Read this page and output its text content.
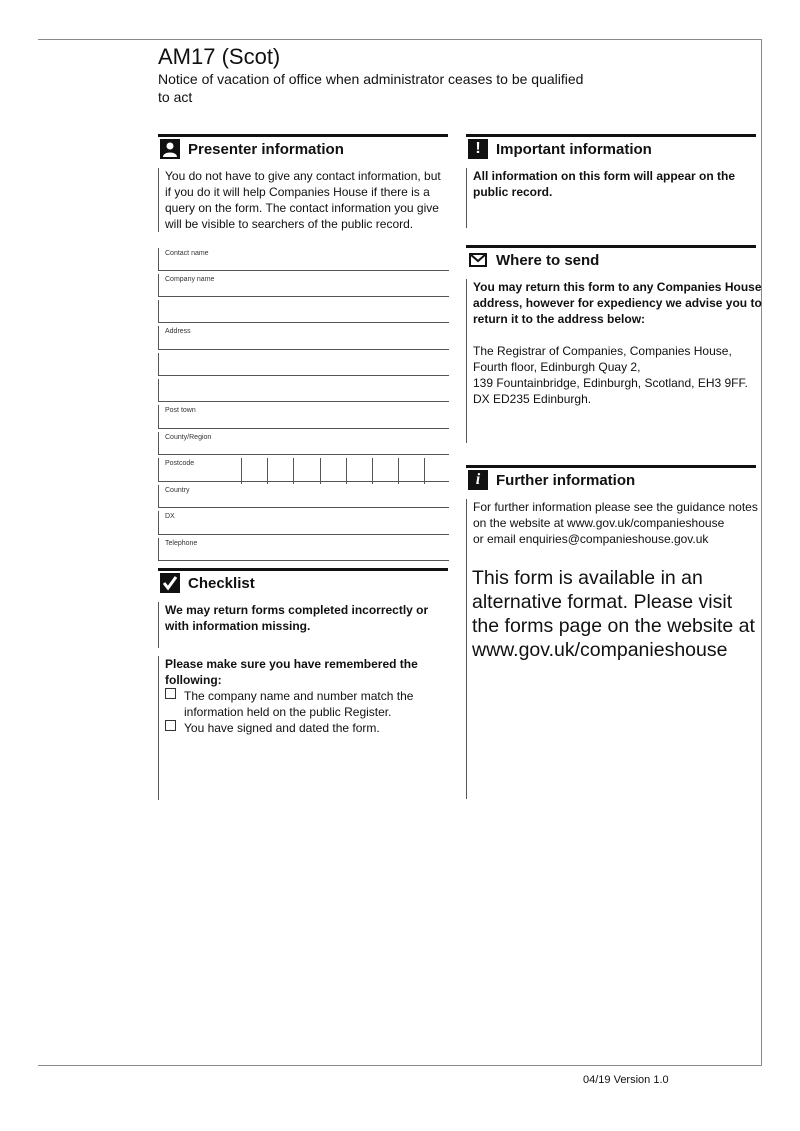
AM17 (Scot)

Notice of vacation of office when administrator ceases to be qualified to act

Presenter information

You do not have to give any contact information, but if you do it will help Companies House if there is a query on the form. The contact information you give will be visible to searchers of the public record.

Contact name
Company name
Address
Post town
County/Region
Postcode
Country
DX
Telephone
Checklist

We may return forms completed incorrectly or with information missing.

Please make sure you have remembered the following:

The company name and number match the information held on the public Register.
You have signed and dated the form.
!	Important information

All information on this form will appear on the public record.

Where to send

You may return this form to any Companies House address, however for expediency we advise you to return it to the address below:

The Registrar of Companies, Companies House,

Fourth floor, Edinburgh Quay 2,

139 Fountainbridge, Edinburgh, Scotland, EH3 9FF.

DX ED235 Edinburgh.

i	Further information

For further information please see the guidance notes

on the website at www.gov.uk/companieshouse

or email enquiries@companieshouse.gov.uk

This form is available in an alternative format. Please visit the forms page on the website at www.gov.uk/companieshouse

04/19 Version 1.0
